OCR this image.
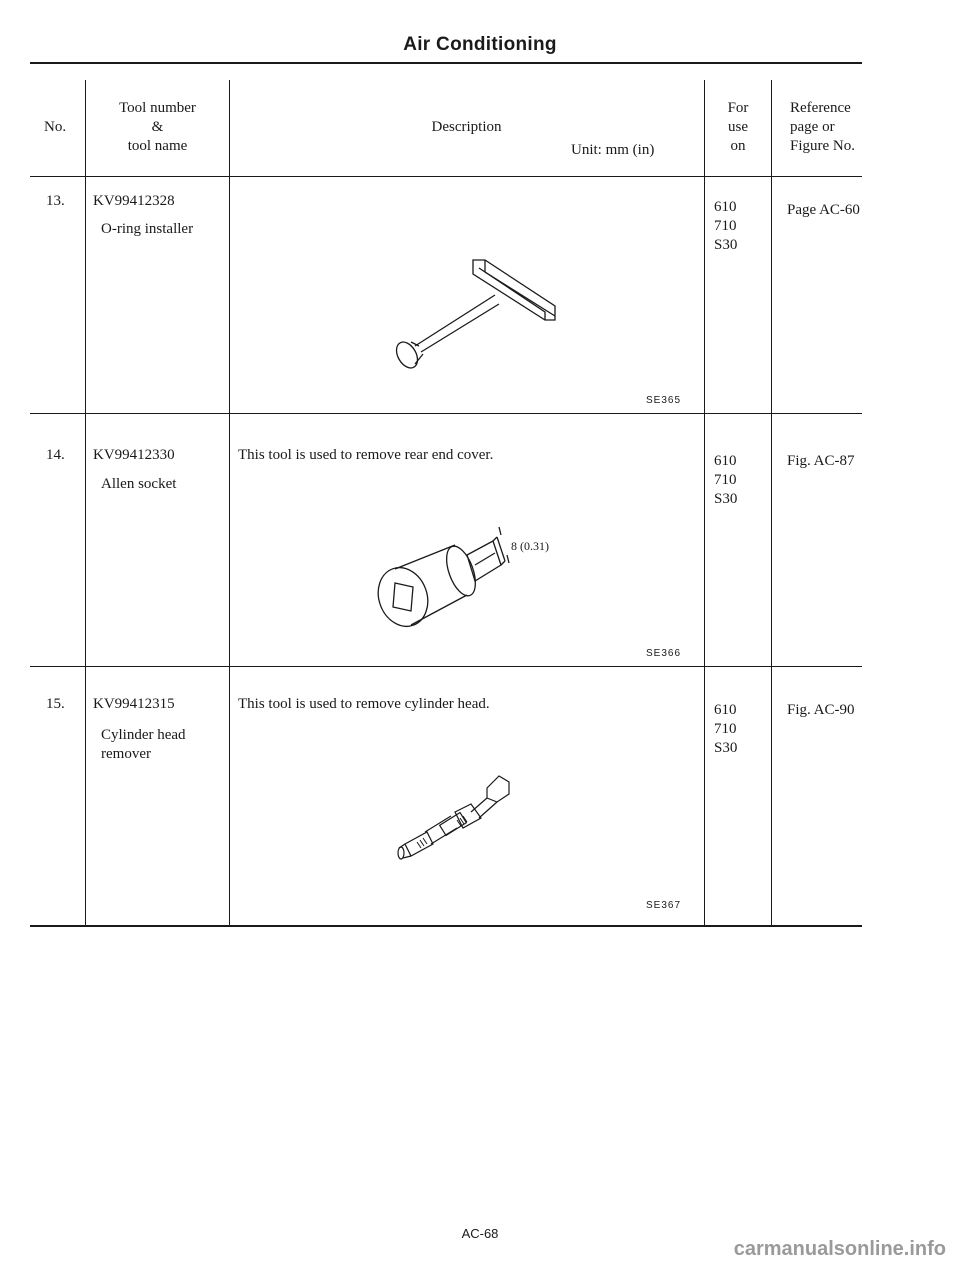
Air Conditioning
No.
Tool number
&
tool name
Description
Unit: mm (in)
For
use
on
Reference
page or
Figure No.
13. KV99412328
O-ring installer
SE365
610
710
S30
Page AC-60
14. KV99412330
Allen socket
This tool is used to remove rear end cover.
8 (0.31)
SE366
610
710
S30
Fig. AC-87
15. KV99412315
Cylinder head
remover
This tool is used to remove cylinder head.
SE367
610
710
S30
Fig. AC-90
AC-68
carmanualsonline.info
